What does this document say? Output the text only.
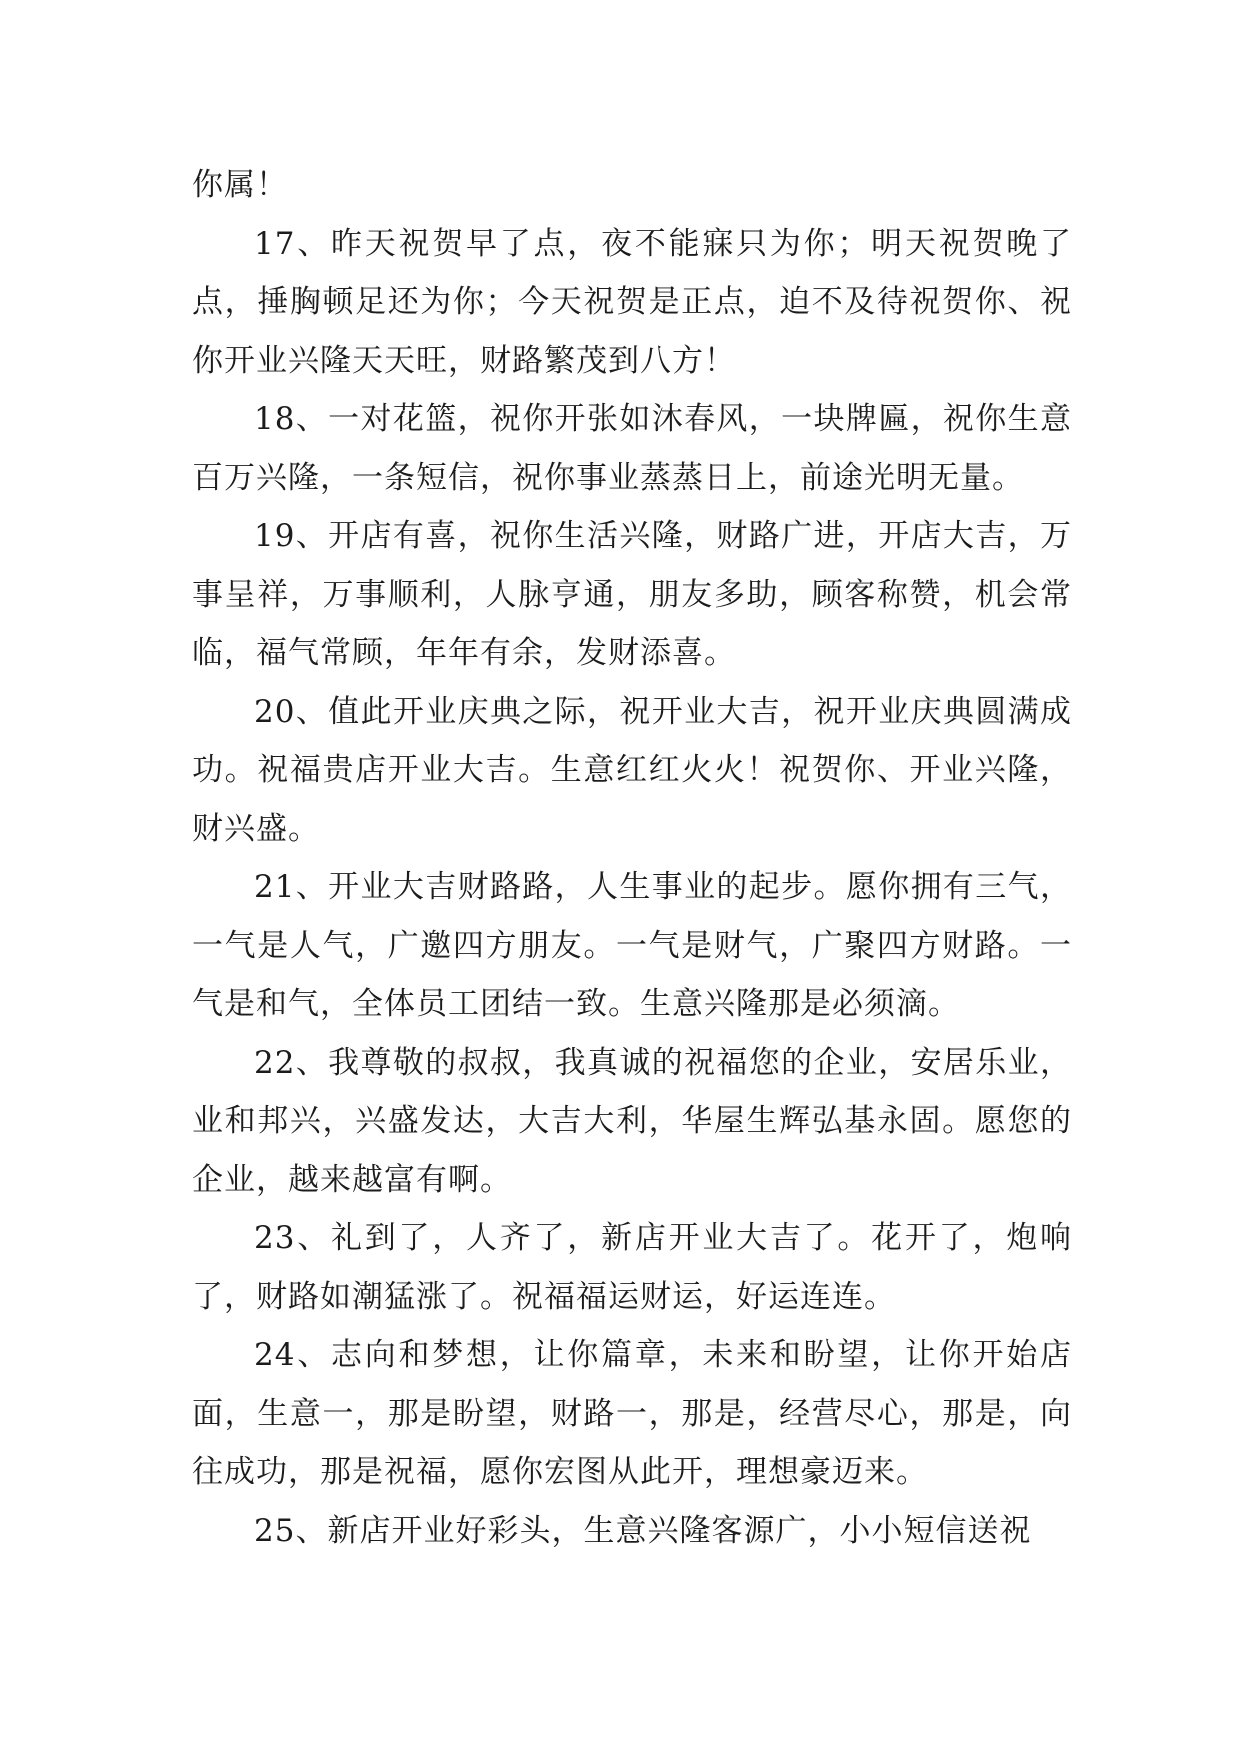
你属！

17、昨天祝贺早了点，夜不能寐只为你；明天祝贺晚了点，捶胸顿足还为你；今天祝贺是正点，迫不及待祝贺你、祝你开业兴隆天天旺，财路繁茂到八方！

18、一对花篮，祝你开张如沐春风，一块牌匾，祝你生意百万兴隆，一条短信，祝你事业蒸蒸日上，前途光明无量。

19、开店有喜，祝你生活兴隆，财路广进，开店大吉，万事呈祥，万事顺利，人脉亨通，朋友多助，顾客称赞，机会常临，福气常顾，年年有余，发财添喜。

20、值此开业庆典之际，祝开业大吉，祝开业庆典圆满成功。祝福贵店开业大吉。生意红红火火！祝贺你、开业兴隆，财兴盛。

21、开业大吉财路路，人生事业的起步。愿你拥有三气，一气是人气，广邀四方朋友。一气是财气，广聚四方财路。一气是和气，全体员工团结一致。生意兴隆那是必须滴。

22、我尊敬的叔叔，我真诚的祝福您的企业，安居乐业，业和邦兴，兴盛发达，大吉大利，华屋生辉弘基永固。愿您的企业，越来越富有啊。

23、礼到了，人齐了，新店开业大吉了。花开了，炮响了，财路如潮猛涨了。祝福福运财运，好运连连。

24、志向和梦想，让你篇章，未来和盼望，让你开始店面，生意一，那是盼望，财路一，那是，经营尽心，那是，向往成功，那是祝福，愿你宏图从此开，理想豪迈来。

25、新店开业好彩头，生意兴隆客源广，小小短信送祝
